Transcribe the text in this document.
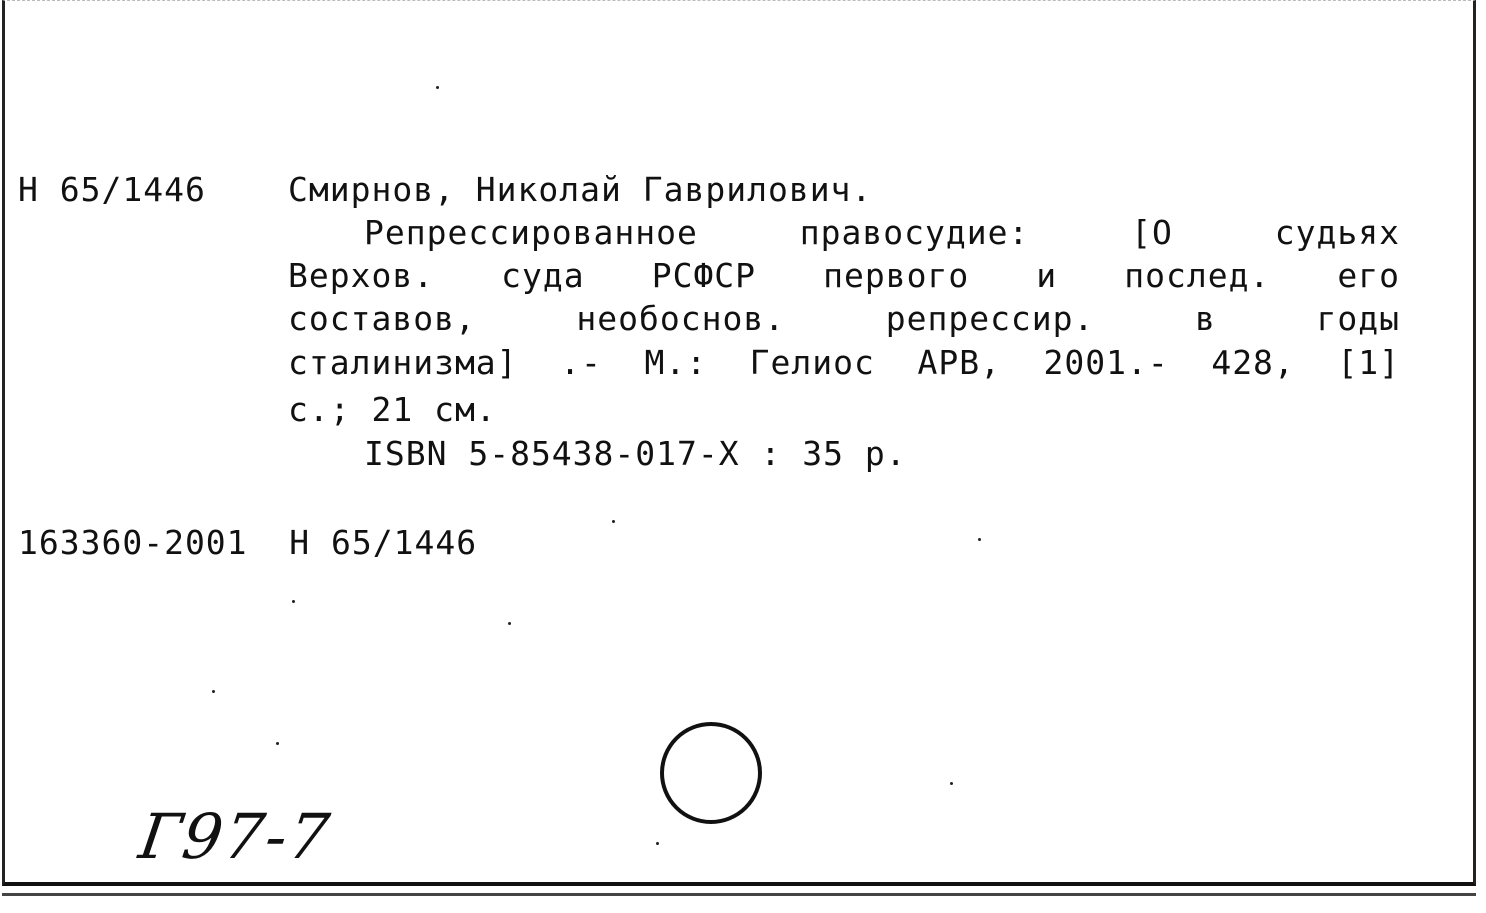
Н 65/1446 Смирнов, Николай Гаврилович.
Репрессированное правосудие: [О судьях
Верхов. суда РСФСР первого и послед. его
составов, необоснов. репрессир. в годы
сталинизма] .- М.: Гелиос АРВ, 2001.- 428, [1]
с.; 21 см.
ISBN 5-85438-017-X : 35 р.
163360-2001  Н 65/1446
Г97-7
